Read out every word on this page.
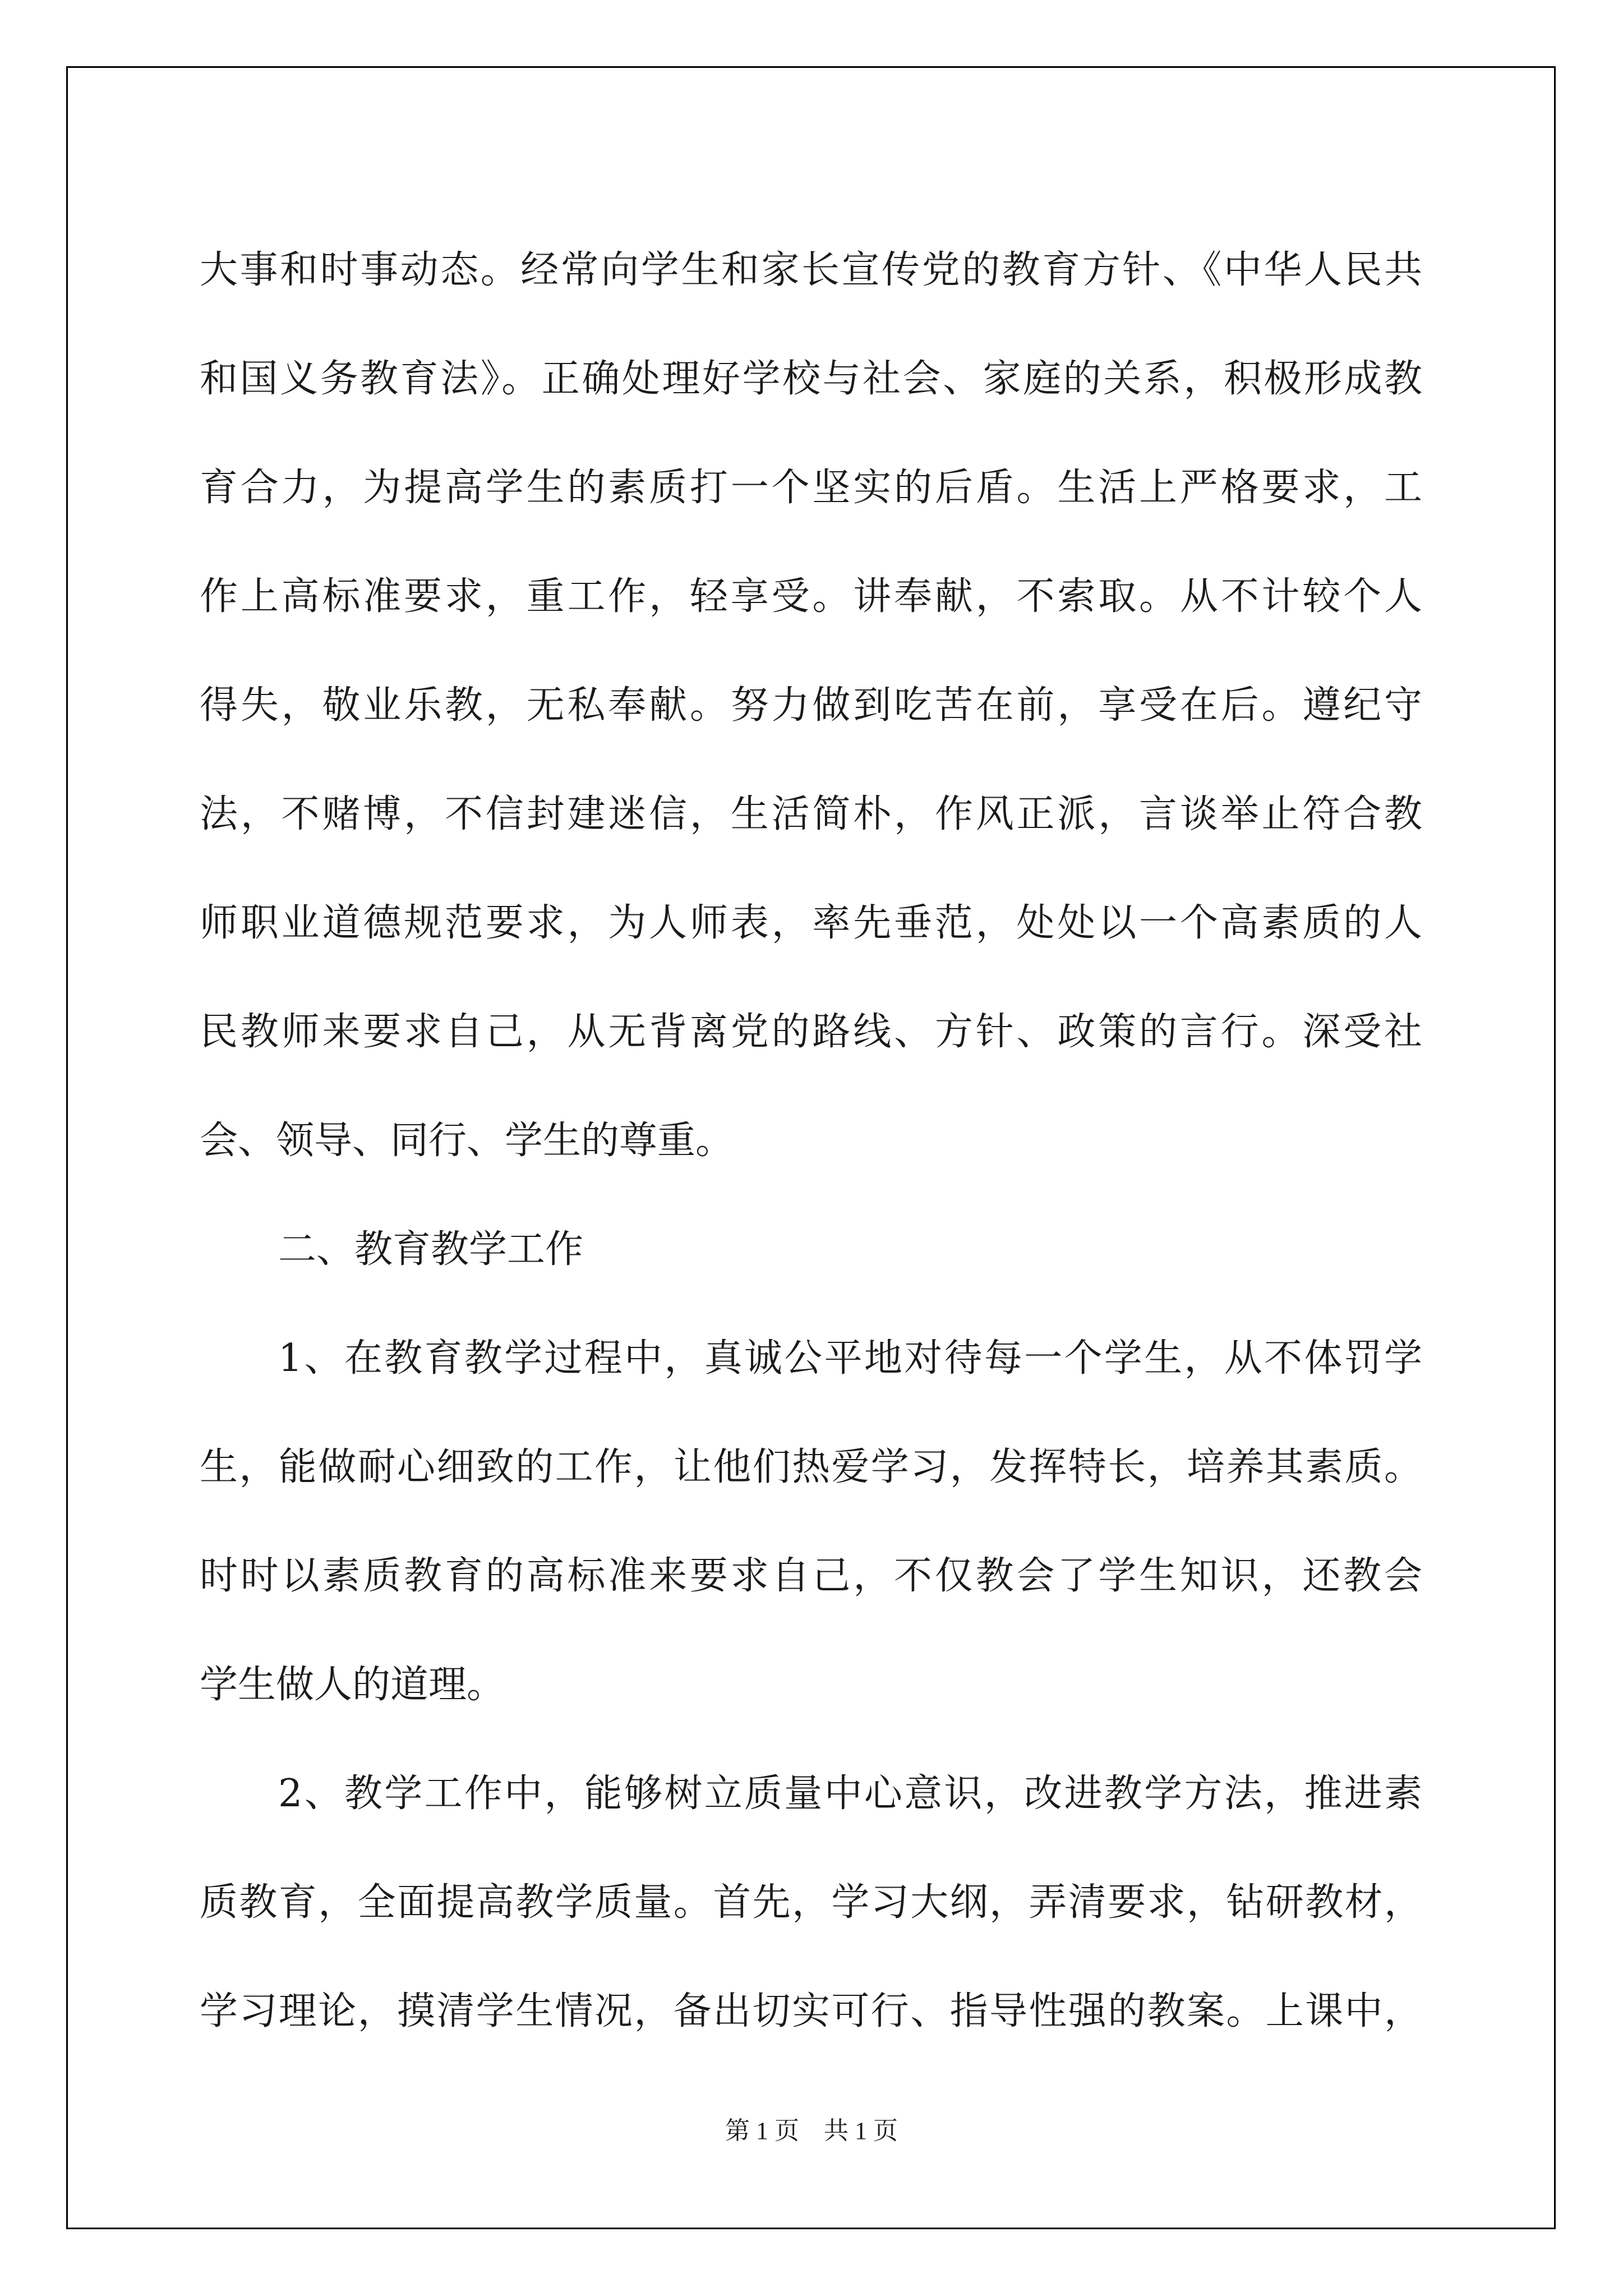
大事和时事动态。经常向学生和家长宣传党的教育方针、《中华人民共
和国义务教育法》。正确处理好学校与社会、家庭的关系，积极形成教
育合力，为提高学生的素质打一个坚实的后盾。生活上严格要求，工
作上高标准要求，重工作，轻享受。讲奉献，不索取。从不计较个人
得失，敬业乐教，无私奉献。努力做到吃苦在前，享受在后。遵纪守
法，不赌博，不信封建迷信，生活简朴，作风正派，言谈举止符合教
师职业道德规范要求，为人师表，率先垂范，处处以一个高素质的人
民教师来要求自己，从无背离党的路线、方针、政策的言行。深受社
会、领导、同行、学生的尊重。
二、教育教学工作
1、在教育教学过程中，真诚公平地对待每一个学生，从不体罚学
生，能做耐心细致的工作，让他们热爱学习，发挥特长，培养其素质。
时时以素质教育的高标准来要求自己，不仅教会了学生知识，还教会
学生做人的道理。
2、教学工作中，能够树立质量中心意识，改进教学方法，推进素
质教育，全面提高教学质量。首先，学习大纲，弄清要求，钻研教材，
学习理论，摸清学生情况，备出切实可行、指导性强的教案。上课中，
第 1 页    共 1 页
